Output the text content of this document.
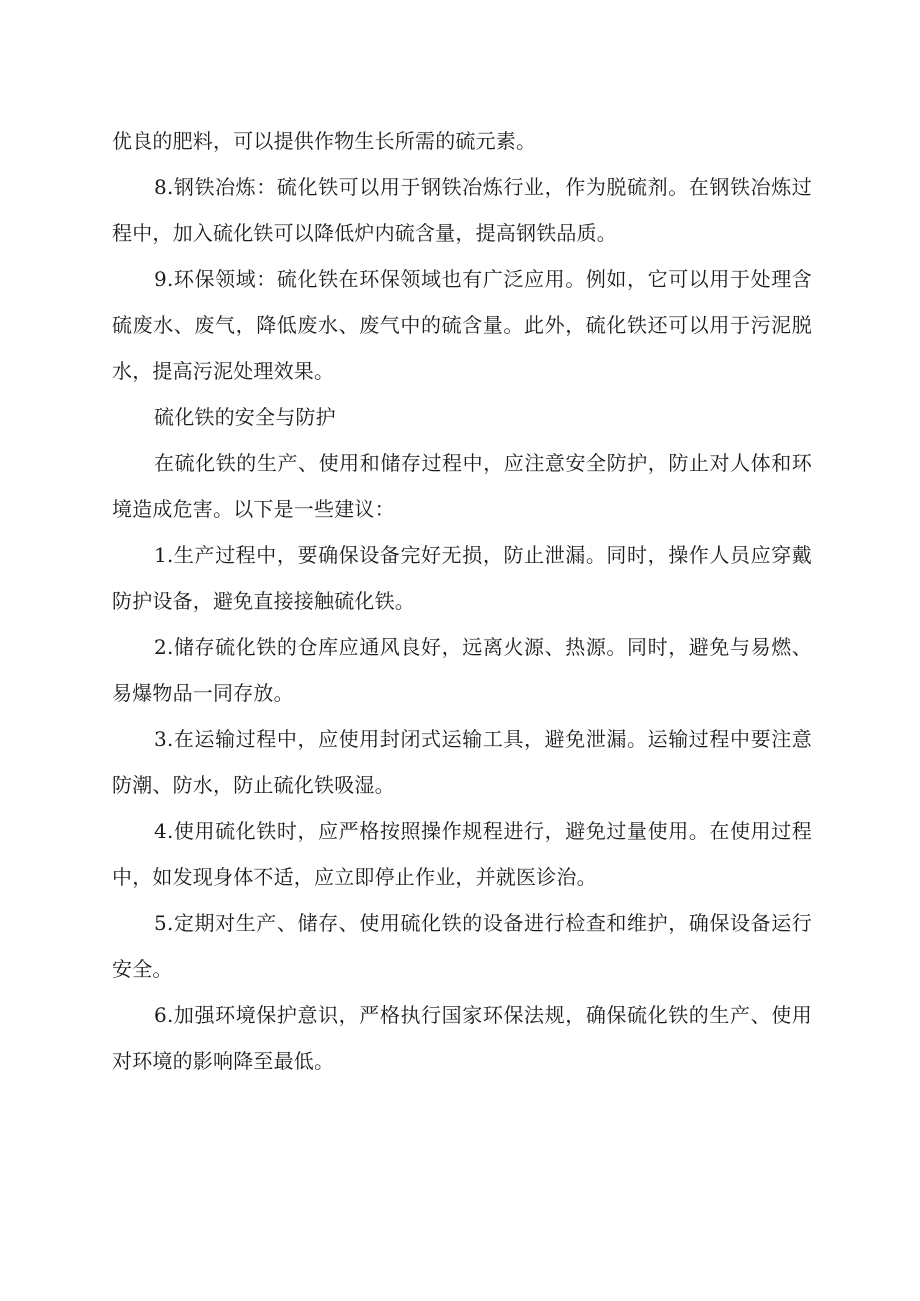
优良的肥料，可以提供作物生长所需的硫元素。

8.钢铁冶炼：硫化铁可以用于钢铁冶炼行业，作为脱硫剂。在钢铁冶炼过程中，加入硫化铁可以降低炉内硫含量，提高钢铁品质。

9.环保领域：硫化铁在环保领域也有广泛应用。例如，它可以用于处理含硫废水、废气，降低废水、废气中的硫含量。此外，硫化铁还可以用于污泥脱水，提高污泥处理效果。

硫化铁的安全与防护

在硫化铁的生产、使用和储存过程中，应注意安全防护，防止对人体和环境造成危害。以下是一些建议：

1.生产过程中，要确保设备完好无损，防止泄漏。同时，操作人员应穿戴防护设备，避免直接接触硫化铁。

2.储存硫化铁的仓库应通风良好，远离火源、热源。同时，避免与易燃、易爆物品一同存放。

3.在运输过程中，应使用封闭式运输工具，避免泄漏。运输过程中要注意防潮、防水，防止硫化铁吸湿。

4.使用硫化铁时，应严格按照操作规程进行，避免过量使用。在使用过程中，如发现身体不适，应立即停止作业，并就医诊治。

5.定期对生产、储存、使用硫化铁的设备进行检查和维护，确保设备运行安全。

6.加强环境保护意识，严格执行国家环保法规，确保硫化铁的生产、使用对环境的影响降至最低。
